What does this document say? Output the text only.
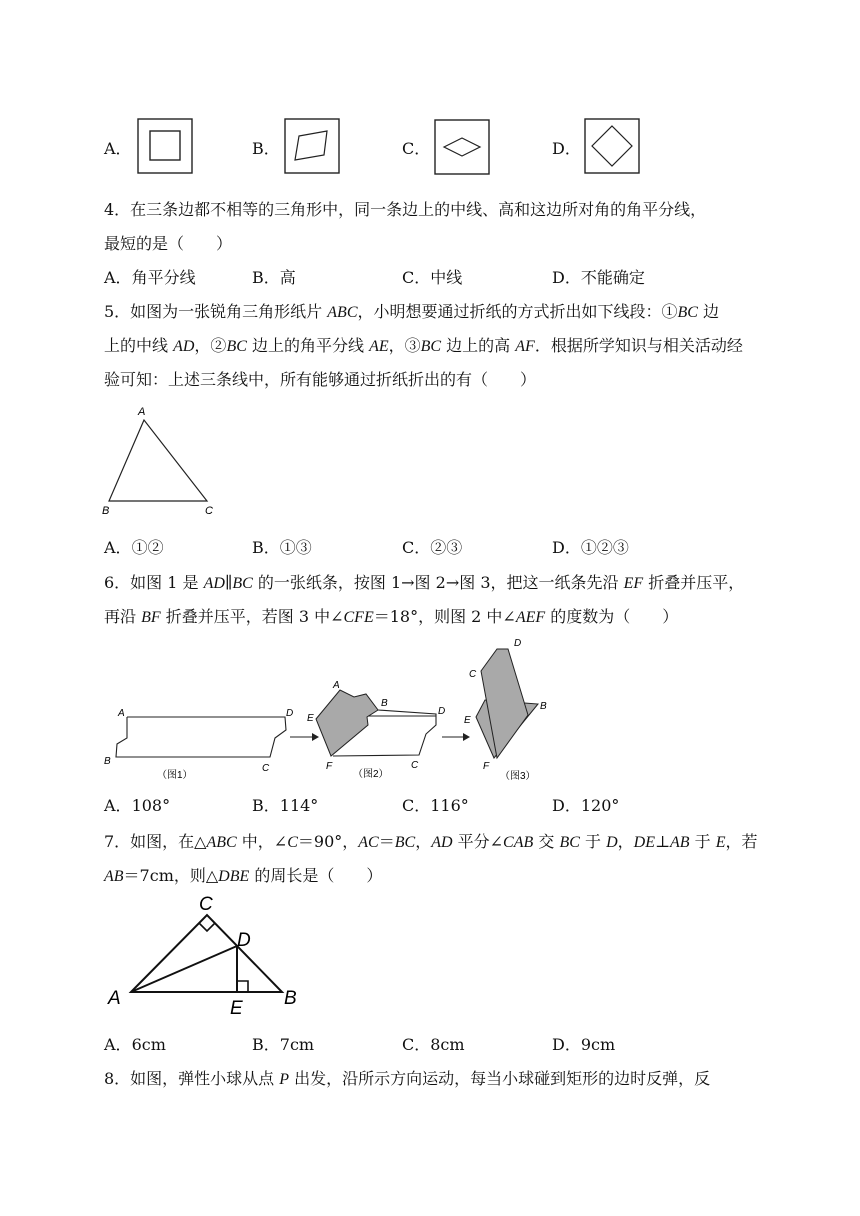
A．	B．	C．	D．
4．在三条边都不相等的三角形中，同一条边上的中线、高和这边所对角的角平分线，
最短的是（　　）
A．角平分线	B．高	C．中线	D．不能确定
5．如图为一张锐角三角形纸片 ABC，小明想要通过折纸的方式折出如下线段：①BC 边
上的中线 AD，②BC 边上的角平分线 AE，③BC 边上的高 AF．根据所学知识与相关活动经
验可知：上述三条线中，所有能够通过折纸折出的有（　　）
A
B	C
A．①②	B．①③	C．②③	D．①②③
6．如图 1 是 AD∥BC 的一张纸条，按图 1→图 2→图 3，把这一纸条先沿 EF 折叠并压平，
再沿 BF 折叠并压平，若图 3 中∠CFE＝18°，则图 2 中∠AEF 的度数为（　　）
A	D
B
C
（图1）
A
B
D
E
F	C
（图2）
D
C
B
E
F
（图3）
A．108°	B．114°	C．116°	D．120°
7．如图，在△ABC 中，∠C＝90°，AC＝BC，AD 平分∠CAB 交 BC 于 D，DE⊥AB 于 E，若
AB＝7cm，则△DBE 的周长是（　　）
C
D
A	E B
A．6cm	B．7cm	C．8cm	D．9cm
8．如图，弹性小球从点 P 出发，沿所示方向运动，每当小球碰到矩形的边时反弹，反
